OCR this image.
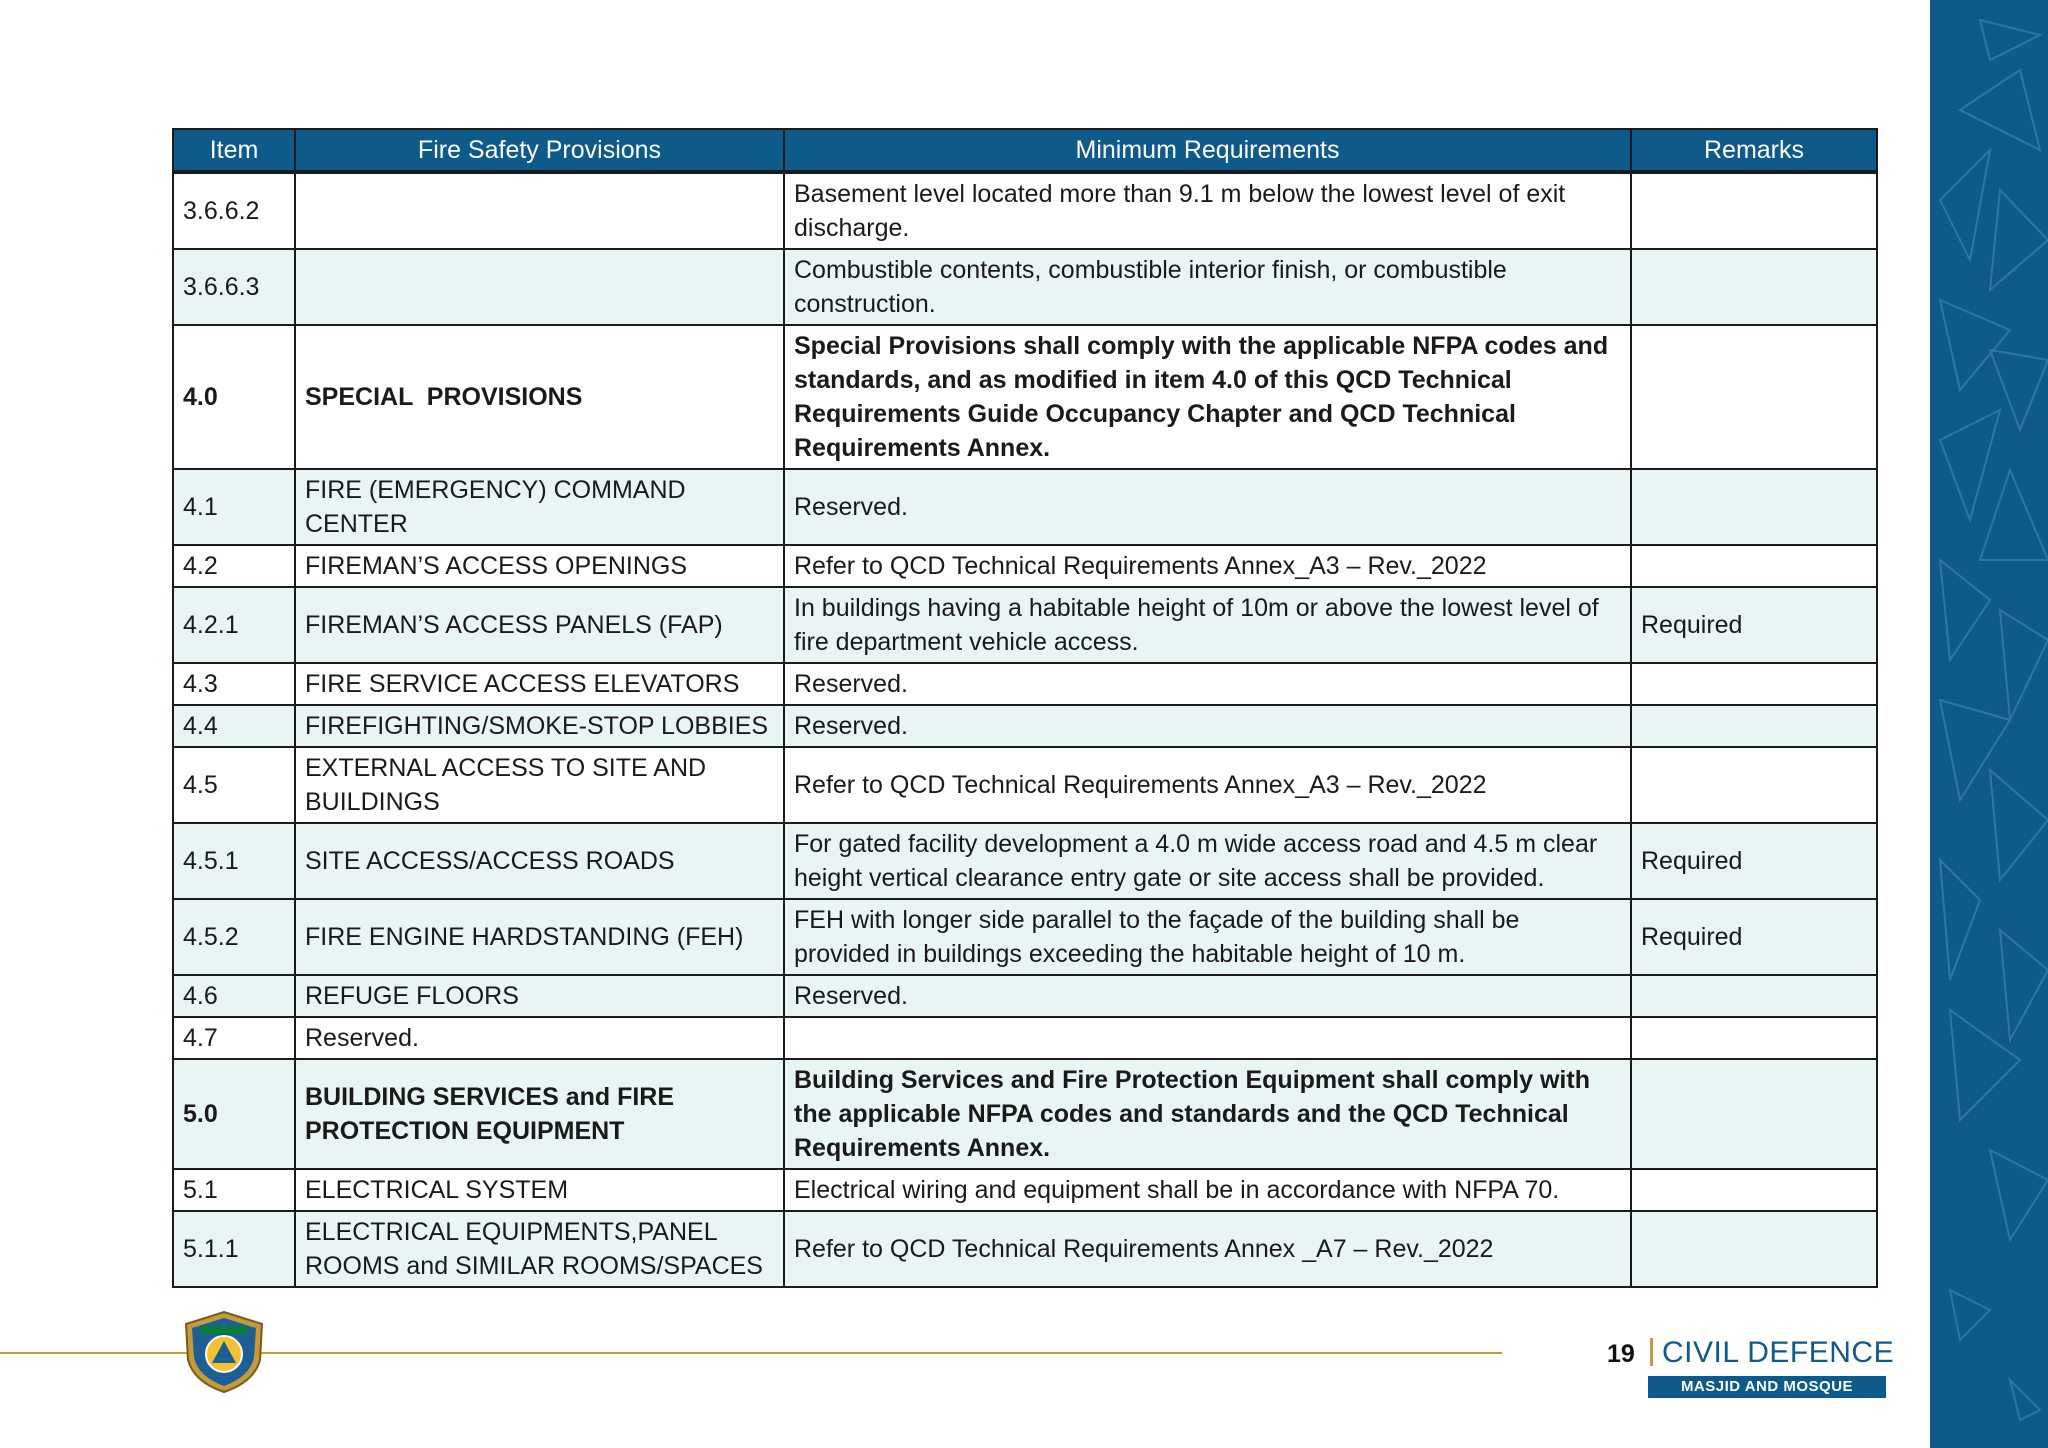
Item	Fire Safety Provisions	Minimum Requirements	Remarks
3.6.6.2		Basement level located more than 9.1 m below the lowest level of exit discharge.	
3.6.6.3		Combustible contents, combustible interior finish, or combustible construction.	
4.0	SPECIAL  PROVISIONS	Special Provisions shall comply with the applicable NFPA codes and standards, and as modified in item 4.0 of this QCD Technical Requirements Guide Occupancy Chapter and QCD Technical Requirements Annex.	
4.1	FIRE (EMERGENCY) COMMAND CENTER	Reserved.	
4.2	FIREMAN’S ACCESS OPENINGS	Refer to QCD Technical Requirements Annex_A3 – Rev._2022	
4.2.1	FIREMAN’S ACCESS PANELS (FAP)	In buildings having a habitable height of 10m or above the lowest level of fire department vehicle access.	Required
4.3	FIRE SERVICE ACCESS ELEVATORS	Reserved.	
4.4	FIREFIGHTING/SMOKE-STOP LOBBIES	Reserved.	
4.5	EXTERNAL ACCESS TO SITE AND BUILDINGS	Refer to QCD Technical Requirements Annex_A3 – Rev._2022	
4.5.1	SITE ACCESS/ACCESS ROADS	For gated facility development a 4.0 m wide access road and 4.5 m clear height vertical clearance entry gate or site access shall be provided.	Required
4.5.2	FIRE ENGINE HARDSTANDING (FEH)	FEH with longer side parallel to the façade of the building shall be provided in buildings exceeding the habitable height of 10 m.	Required
4.6	REFUGE FLOORS	Reserved.	
4.7	Reserved.		
5.0	BUILDING SERVICES and FIRE PROTECTION EQUIPMENT	Building Services and Fire Protection Equipment shall comply with the applicable NFPA codes and standards and the QCD Technical Requirements Annex.	
5.1	ELECTRICAL SYSTEM	Electrical wiring and equipment shall be in accordance with NFPA 70.	
5.1.1	ELECTRICAL EQUIPMENTS,PANEL ROOMS and SIMILAR ROOMS/SPACES	Refer to QCD Technical Requirements Annex _A7 – Rev._2022	
19 CIVIL DEFENCE
MASJID AND MOSQUE
